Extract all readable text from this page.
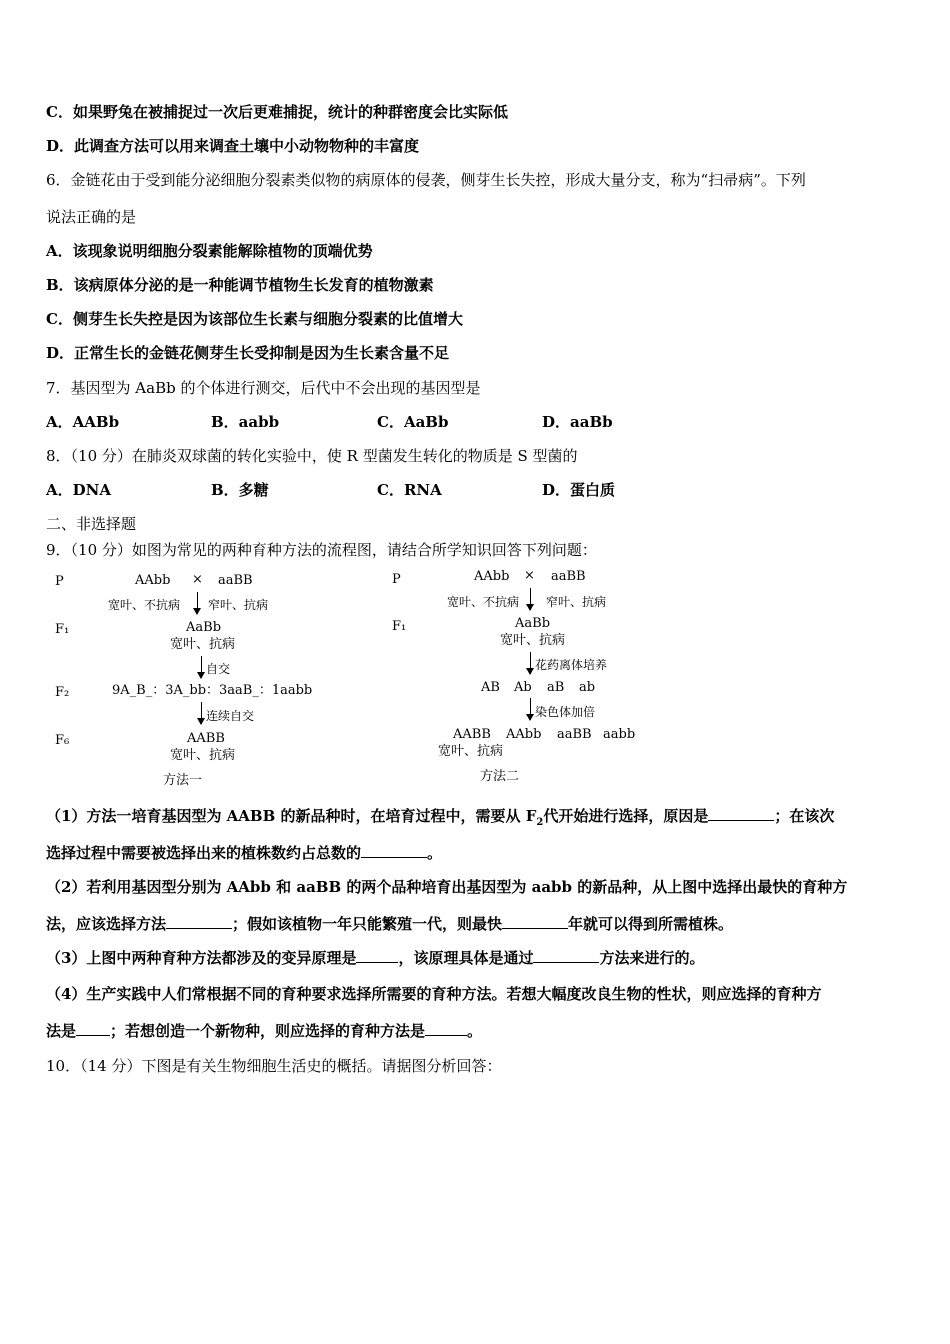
C．如果野兔在被捕捉过一次后更难捕捉，统计的种群密度会比实际低
D．此调查方法可以用来调查土壤中小动物物种的丰富度
6．金链花由于受到能分泌细胞分裂素类似物的病原体的侵袭，侧芽生长失控，形成大量分支，称为“扫帚病”。下列
说法正确的是
A．该现象说明细胞分裂素能解除植物的顶端优势
B．该病原体分泌的是一种能调节植物生长发育的植物激素
C．侧芽生长失控是因为该部位生长素与细胞分裂素的比值增大
D．正常生长的金链花侧芽生长受抑制是因为生长素含量不足
7．基因型为 AaBb 的个体进行测交，后代中不会出现的基因型是
A．AABb	B．aabb	C．AaBb	D．aaBb
8．（10 分）在肺炎双球菌的转化实验中，使 R 型菌发生转化的物质是 S 型菌的
A．DNA	B．多糖	C．RNA	D．蛋白质
二、非选择题
9．（10 分）如图为常见的两种育种方法的流程图，请结合所学知识回答下列问题：
P	AAbb × aaBB
宽叶、不抗病 窄叶、抗病
F₁	AaBb
宽叶、抗病
自交
F₂	9A_B_：3A_bb：3aaB_：1aabb
连续自交
F₆	AABB
宽叶、抗病
方法一
P	AAbb × aaBB
宽叶、不抗病 窄叶、抗病
F₁	AaBb
宽叶、抗病
花药离体培养
AB Ab aB ab
染色体加倍
AABB AAbb aaBB aabb
宽叶、抗病
方法二
（1）方法一培育基因型为 AABB 的新品种时，在培育过程中，需要从 $F_2$代开始进行选择，原因是	；在该次
选择过程中需要被选择出来的植株数约占总数的	。
（2）若利用基因型分别为 AAbb 和 aaBB 的两个品种培育出基因型为 aabb 的新品种，从上图中选择出最快的育种方
法，应该选择方法	；假如该植物一年只能繁殖一代，则最快	年就可以得到所需植株。
（3）上图中两种育种方法都涉及的变异原理是	，该原理具体是通过	方法来进行的。
（4）生产实践中人们常根据不同的育种要求选择所需要的育种方法。若想大幅度改良生物的性状，则应选择的育种方
法是 ；若想创造一个新物种，则应选择的育种方法是	。
10．（14 分）下图是有关生物细胞生活史的概括。请据图分析回答：
